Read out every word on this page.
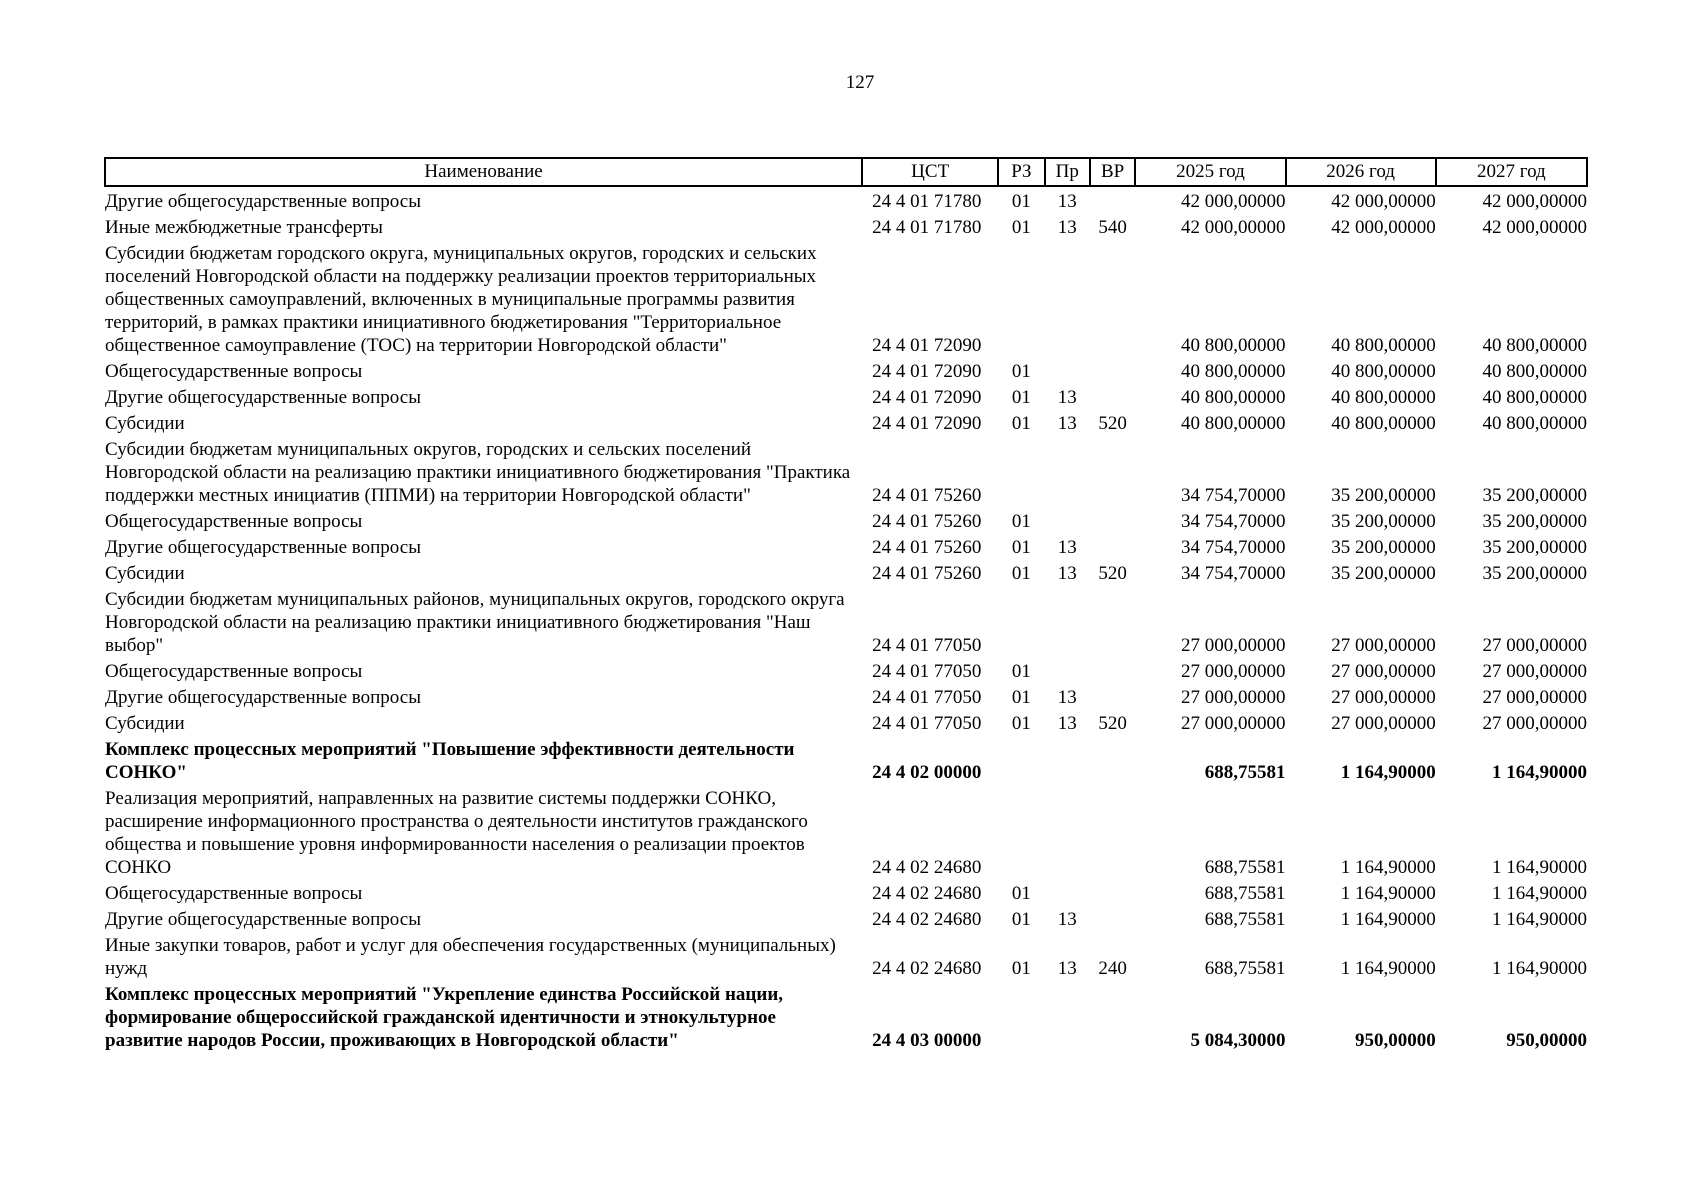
127
Наименование	ЦСТ	РЗ	Пр	ВР	2025 год	2026 год	2027 год
Другие общегосударственные вопросы	24 4 01 71780	01	13		42 000,00000	42 000,00000	42 000,00000
Иные межбюджетные трансферты	24 4 01 71780	01	13	540	42 000,00000	42 000,00000	42 000,00000
Субсидии бюджетам городского округа, муниципальных округов, городских и сельских поселений Новгородской области на поддержку реализации проектов территориальных общественных самоуправлений, включенных в муниципальные программы развития территорий, в рамках практики инициативного бюджетирования "Территориальное общественное самоуправление (ТОС) на территории Новгородской области"	24 4 01 72090				40 800,00000	40 800,00000	40 800,00000
Общегосударственные вопросы	24 4 01 72090	01			40 800,00000	40 800,00000	40 800,00000
Другие общегосударственные вопросы	24 4 01 72090	01	13		40 800,00000	40 800,00000	40 800,00000
Субсидии	24 4 01 72090	01	13	520	40 800,00000	40 800,00000	40 800,00000
Субсидии бюджетам муниципальных округов, городских и сельских поселений Новгородской области на реализацию практики инициативного бюджетирования "Практика поддержки местных инициатив (ППМИ) на территории Новгородской области"	24 4 01 75260				34 754,70000	35 200,00000	35 200,00000
Общегосударственные вопросы	24 4 01 75260	01			34 754,70000	35 200,00000	35 200,00000
Другие общегосударственные вопросы	24 4 01 75260	01	13		34 754,70000	35 200,00000	35 200,00000
Субсидии	24 4 01 75260	01	13	520	34 754,70000	35 200,00000	35 200,00000
Субсидии бюджетам муниципальных районов, муниципальных округов, городского округа Новгородской области на реализацию практики инициативного бюджетирования "Наш выбор"	24 4 01 77050				27 000,00000	27 000,00000	27 000,00000
Общегосударственные вопросы	24 4 01 77050	01			27 000,00000	27 000,00000	27 000,00000
Другие общегосударственные вопросы	24 4 01 77050	01	13		27 000,00000	27 000,00000	27 000,00000
Субсидии	24 4 01 77050	01	13	520	27 000,00000	27 000,00000	27 000,00000
Комплекс процессных мероприятий "Повышение эффективности деятельности СОНКО"	24 4 02 00000				688,75581	1 164,90000	1 164,90000
Реализация мероприятий, направленных на развитие системы поддержки СОНКО, расширение информационного пространства о деятельности институтов гражданского общества и повышение уровня информированности населения о реализации проектов СОНКО	24 4 02 24680				688,75581	1 164,90000	1 164,90000
Общегосударственные вопросы	24 4 02 24680	01			688,75581	1 164,90000	1 164,90000
Другие общегосударственные вопросы	24 4 02 24680	01	13		688,75581	1 164,90000	1 164,90000
Иные закупки товаров, работ и услуг для обеспечения государственных (муниципальных) нужд	24 4 02 24680	01	13	240	688,75581	1 164,90000	1 164,90000
Комплекс процессных мероприятий "Укрепление единства Российской нации, формирование общероссийской гражданской идентичности и этнокультурное развитие народов России, проживающих в Новгородской области"	24 4 03 00000				5 084,30000	950,00000	950,00000
